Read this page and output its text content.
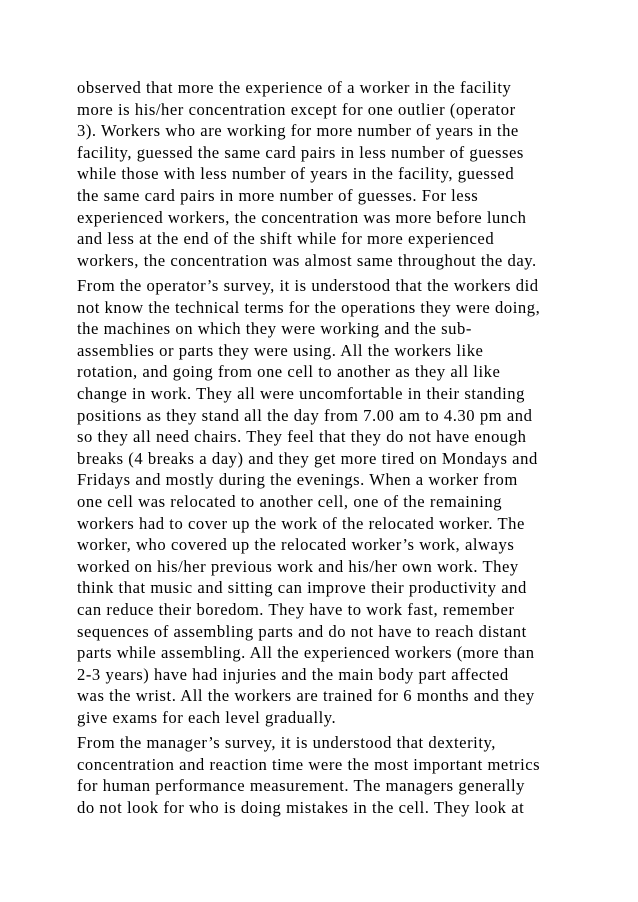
observed that more the experience of a worker in the facility
more is his/her concentration except for one outlier (operator
3). Workers who are working for more number of years in the
facility, guessed the same card pairs in less number of guesses
while those with less number of years in the facility, guessed
the same card pairs in more number of guesses. For less
experienced workers, the concentration was more before lunch
and less at the end of the shift while for more experienced
workers, the concentration was almost same throughout the day.
From the operator’s survey, it is understood that the workers did
not know the technical terms for the operations they were doing,
the machines on which they were working and the sub-
assemblies or parts they were using. All the workers like
rotation, and going from one cell to another as they all like
change in work. They all were uncomfortable in their standing
positions as they stand all the day from 7.00 am to 4.30 pm and
so they all need chairs. They feel that they do not have enough
breaks (4 breaks a day) and they get more tired on Mondays and
Fridays and mostly during the evenings. When a worker from
one cell was relocated to another cell, one of the remaining
workers had to cover up the work of the relocated worker. The
worker, who covered up the relocated worker’s work, always
worked on his/her previous work and his/her own work. They
think that music and sitting can improve their productivity and
can reduce their boredom. They have to work fast, remember
sequences of assembling parts and do not have to reach distant
parts while assembling. All the experienced workers (more than
2-3 years) have had injuries and the main body part affected
was the wrist. All the workers are trained for 6 months and they
give exams for each level gradually.
From the manager’s survey, it is understood that dexterity,
concentration and reaction time were the most important metrics
for human performance measurement. The managers generally
do not look for who is doing mistakes in the cell. They look at
